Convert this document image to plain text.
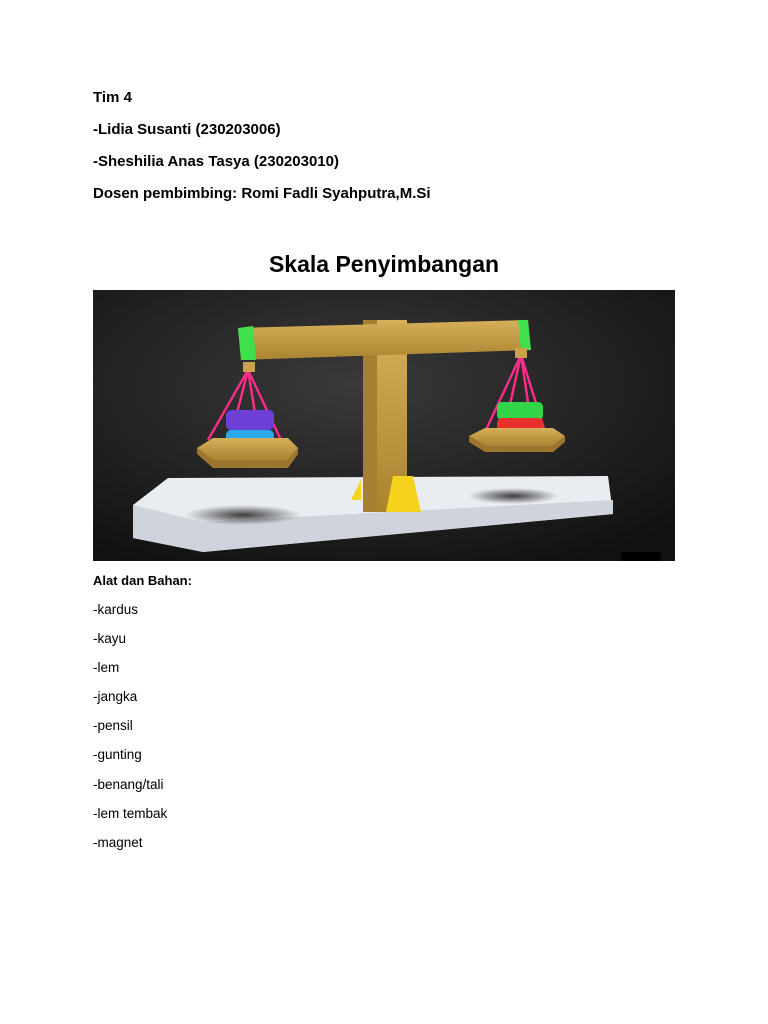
Tim 4
-Lidia Susanti (230203006)
-Sheshilia Anas Tasya (230203010)
Dosen pembimbing: Romi Fadli Syahputra,M.Si
Skala Penyimbangan
Alat dan Bahan:
-kardus
-kayu
-lem
-jangka
-pensil
-gunting
-benang/tali
-lem tembak
-magnet
